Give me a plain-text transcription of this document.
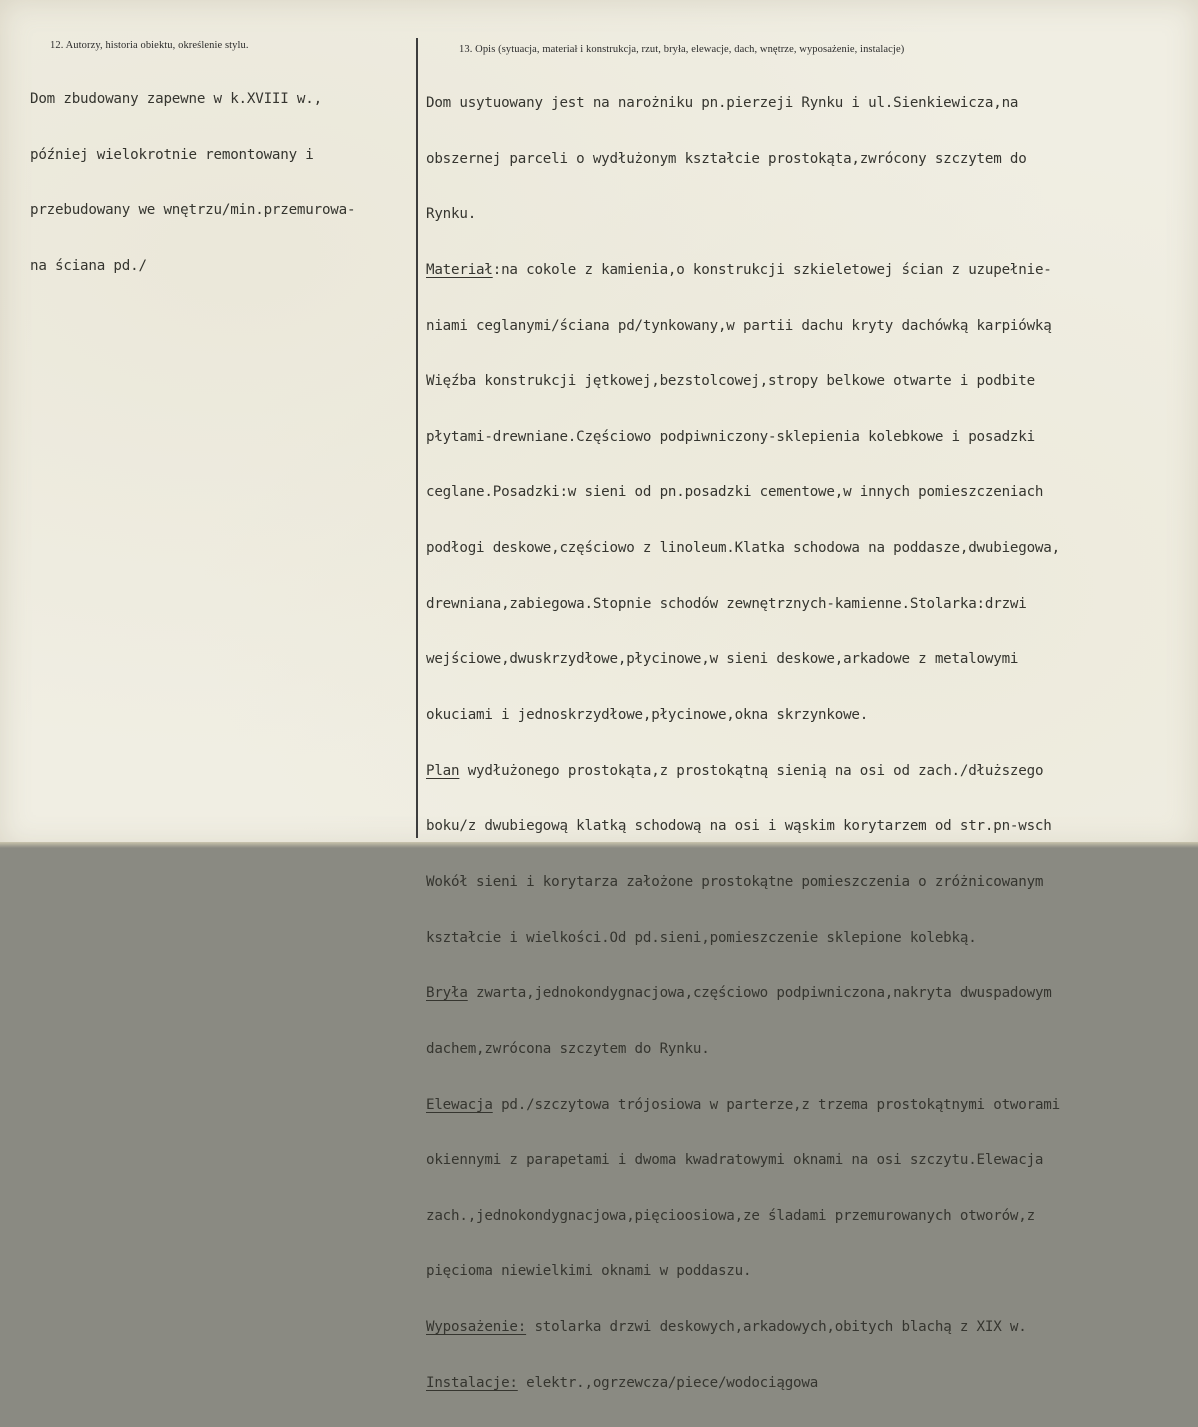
12. Autorzy, historia obiektu, określenie stylu.

Dom zbudowany zapewne w k.XVIII w.,

później wielokrotnie remontowany i

przebudowany we wnętrzu/min.przemurowa-

na ściana pd./

13. Opis (sytuacja, materiał i konstrukcja, rzut, bryła, elewacje, dach, wnętrze, wyposażenie, instalacje)

Dom usytuowany jest na narożniku pn.pierzeji Rynku i ul.Sienkiewicza,na

obszernej parceli o wydłużonym kształcie prostokąta,zwrócony szczytem do

Rynku.

Materiał:na cokole z kamienia,o konstrukcji szkieletowej ścian z uzupełnie-

niami ceglanymi/ściana pd/tynkowany,w partii dachu kryty dachówką karpiówką

Więźba konstrukcji jętkowej,bezstolcowej,stropy belkowe otwarte i podbite

płytami-drewniane.Częściowo podpiwniczony-sklepienia kolebkowe i posadzki

ceglane.Posadzki:w sieni od pn.posadzki cementowe,w innych pomieszczeniach

podłogi deskowe,częściowo z linoleum.Klatka schodowa na poddasze,dwubiegowa,

drewniana,zabiegowa.Stopnie schodów zewnętrznych-kamienne.Stolarka:drzwi

wejściowe,dwuskrzydłowe,płycinowe,w sieni deskowe,arkadowe z metalowymi

okuciami i jednoskrzydłowe,płycinowe,okna skrzynkowe.

Plan wydłużonego prostokąta,z prostokątną sienią na osi od zach./dłuższego

boku/z dwubiegową klatką schodową na osi i wąskim korytarzem od str.pn-wsch

Wokół sieni i korytarza założone prostokątne pomieszczenia o zróżnicowanym

kształcie i wielkości.Od pd.sieni,pomieszczenie sklepione kolebką.

Bryła zwarta,jednokondygnacjowa,częściowo podpiwniczona,nakryta dwuspadowym

dachem,zwrócona szczytem do Rynku.

Elewacja pd./szczytowa trójosiowa w parterze,z trzema prostokątnymi otworami

okiennymi z parapetami i dwoma kwadratowymi oknami na osi szczytu.Elewacja

zach.,jednokondygnacjowa,pięcioosiowa,ze śladami przemurowanych otworów,z

pięcioma niewielkimi oknami w poddaszu.

Wyposażenie: stolarka drzwi deskowych,arkadowych,obitych blachą z XIX w.

Instalacje: elektr.,ogrzewcza/piece/wodociągowa
